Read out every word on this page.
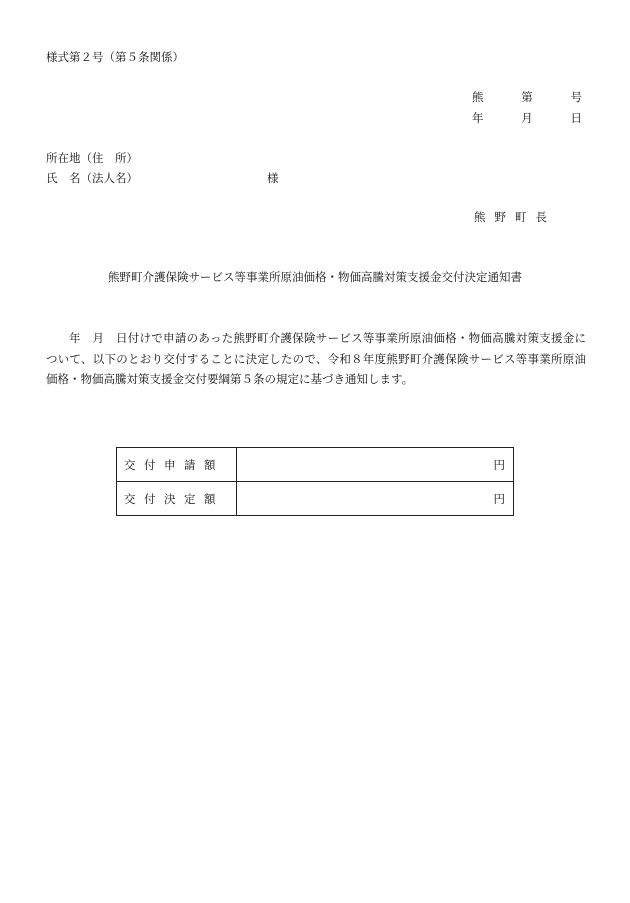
様式第２号（第５条関係）
熊	第	号
年	月	日
所在地（住　所）
氏　名（法人名）	様
熊野町長
熊野町介護保険サービス等事業所原油価格・物価高騰対策支援金交付決定通知書
年　月　日付けで申請のあった熊野町介護保険サービス等事業所原油価格・物価高騰対策支援金について、以下のとおり交付することに決定したので、令和８年度熊野町介護保険サービス等事業所原油価格・物価高騰対策支援金交付要綱第５条の規定に基づき通知します。
交付申請額	円
交付決定額	円
